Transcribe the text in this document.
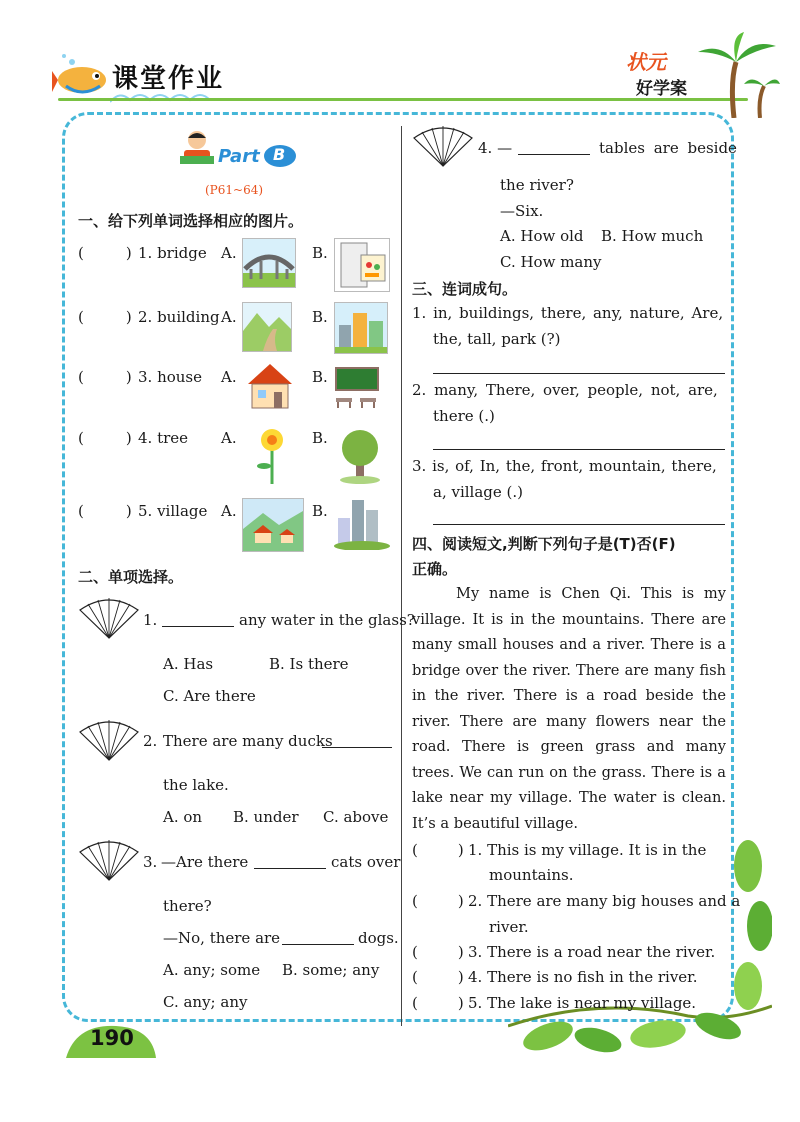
课堂作业
状元
好学案
190
Part B
(P61~64)
一、给下列单词选择相应的图片。
(	) 1. bridge A.	B.
(	) 2. building A.	B.
(	) 3. house A.	B.
(	) 4. tree A.	B.
(	) 5. village A.	B.
二、单项选择。
1.	any water in the glass?
A. Has	B. Is there
C. Are there
2. There are many ducks
the lake.
A. on B. under C. above
3. —Are there	cats over
there?
—No, there are	dogs.
A. any; some B. some; any
C. any; any
4. —	tables are beside
the river?
—Six.
A. How old B. How much
C. How many
三、连词成句。
1. in, buildings, there, any, nature, Are,
the, tall, park (?)
2. many, There, over, people, not, are,
there (.)
3. is, of, In, the, front, mountain, there,
a, village (.)
四、阅读短文,判断下列句子是(T)否(F)
正确。
My name is Chen Qi. This is my village. It is in the mountains. There are many small houses and a river. There is a bridge over the river. There are many fish in the river. There is a road beside the river. There are many flowers near the road. There is green grass and many trees. We can run on the grass. There is a lake near my village. The water is clean. It’s a beautiful village.
(	) 1. This is my village. It is in the
mountains.
(	) 2. There are many big houses and a
river.
(	) 3. There is a road near the river.
(	) 4. There is no fish in the river.
(	) 5. The lake is near my village.
